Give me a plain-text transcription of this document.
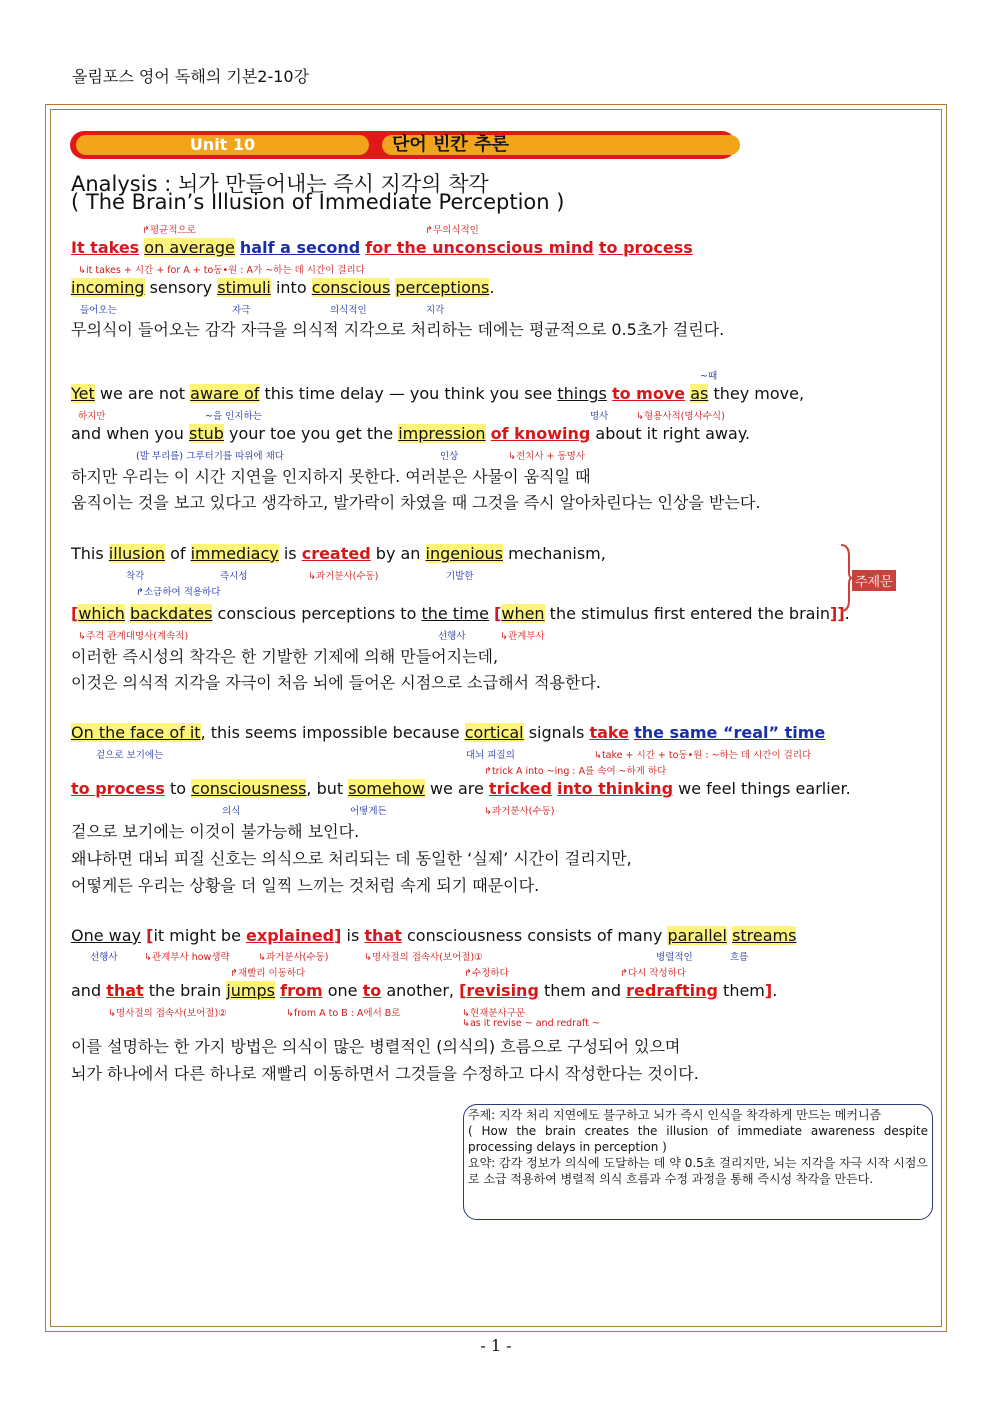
올림포스 영어 독해의 기본2-10강
Unit 10	단어 빈칸 추론
Analysis : 뇌가 만들어내는 즉시 지각의 착각
( The Brain’s Illusion of Immediate Perception )
↱평균적으로	↱무의식적인
It takes on average half a second for the unconscious mind to process
↳it takes + 시간 + for A + to동•원 : A가 ~하는 데 시간이 걸리다
incoming sensory stimuli into conscious perceptions.
들어오는	자극	의식적인	지각
무의식이 들어오는 감각 자극을 의식적 지각으로 처리하는 데에는 평균적으로 0.5초가 걸린다.
~때
Yet we are not aware of this time delay — you think you see things to move as they move,
하지만	~을 인지하는	명사	↳형용사적(명사수식)
and when you stub your toe you get the impression of knowing about it right away.
(발 부리를) 그루터기를 따위에 채다	인상	↳전치사 + 동명사
하지만 우리는 이 시간 지연을 인지하지 못한다. 여러분은 사물이 움직일 때
움직이는 것을 보고 있다고 생각하고, 발가락이 차였을 때 그것을 즉시 알아차린다는 인상을 받는다.
This illusion of immediacy is created by an ingenious mechanism,
착각	즉시성	↳과거분사(수동)	기발한
↱소급하여 적용하다
[which backdates conscious perceptions to the time [when the stimulus first entered the brain]].
↳주격 관계대명사(계속적)	선행사	↳관계부사
주제문
이러한 즉시성의 착각은 한 기발한 기제에 의해 만들어지는데,
이것은 의식적 지각을 자극이 처음 뇌에 들어온 시점으로 소급해서 적용한다.
On the face of it, this seems impossible because cortical signals take the same “real” time
겉으로 보기에는	대뇌 피질의	↳take + 시간 + to동•원 : ~하는 데 시간이 걸리다
↱trick A into ~ing : A를 속여 ~하게 하다
to process to consciousness, but somehow we are tricked into thinking we feel things earlier.
의식	어떻게든	↳과거분사(수동)
겉으로 보기에는 이것이 불가능해 보인다.
왜냐하면 대뇌 피질 신호는 의식으로 처리되는 데 동일한 ‘실제’ 시간이 걸리지만,
어떻게든 우리는 상황을 더 일찍 느끼는 것처럼 속게 되기 때문이다.
One way [it might be explained] is that consciousness consists of many parallel streams
선행사	↳관계부사 how생략	↳과거분사(수동)	↳명사절의 접속사(보어절)①	병렬적인	흐름
↱재빨리 이동하다	↱수정하다	↱다시 작성하다
and that the brain jumps from one to another, [revising them and redrafting them].
↳명사절의 접속사(보어절)②	↳from A to B : A에서 B로	↳현재분사구문
↳as it revise ~ and redraft ~
이를 설명하는 한 가지 방법은 의식이 많은 병렬적인 (의식의) 흐름으로 구성되어 있으며
뇌가 하나에서 다른 하나로 재빨리 이동하면서 그것들을 수정하고 다시 작성한다는 것이다.
주제: 지각 처리 지연에도 불구하고 뇌가 즉시 인식을 착각하게 만드는 메커니즘
( How the brain creates the illusion of immediate awareness despite processing delays in perception )
요약: 감각 정보가 의식에 도달하는 데 약 0.5초 걸리지만, 뇌는 지각을 자극 시작 시점으로 소급 적용하여 병렬적 의식 흐름과 수정 과정을 통해 즉시성 착각을 만든다.
- 1 -
